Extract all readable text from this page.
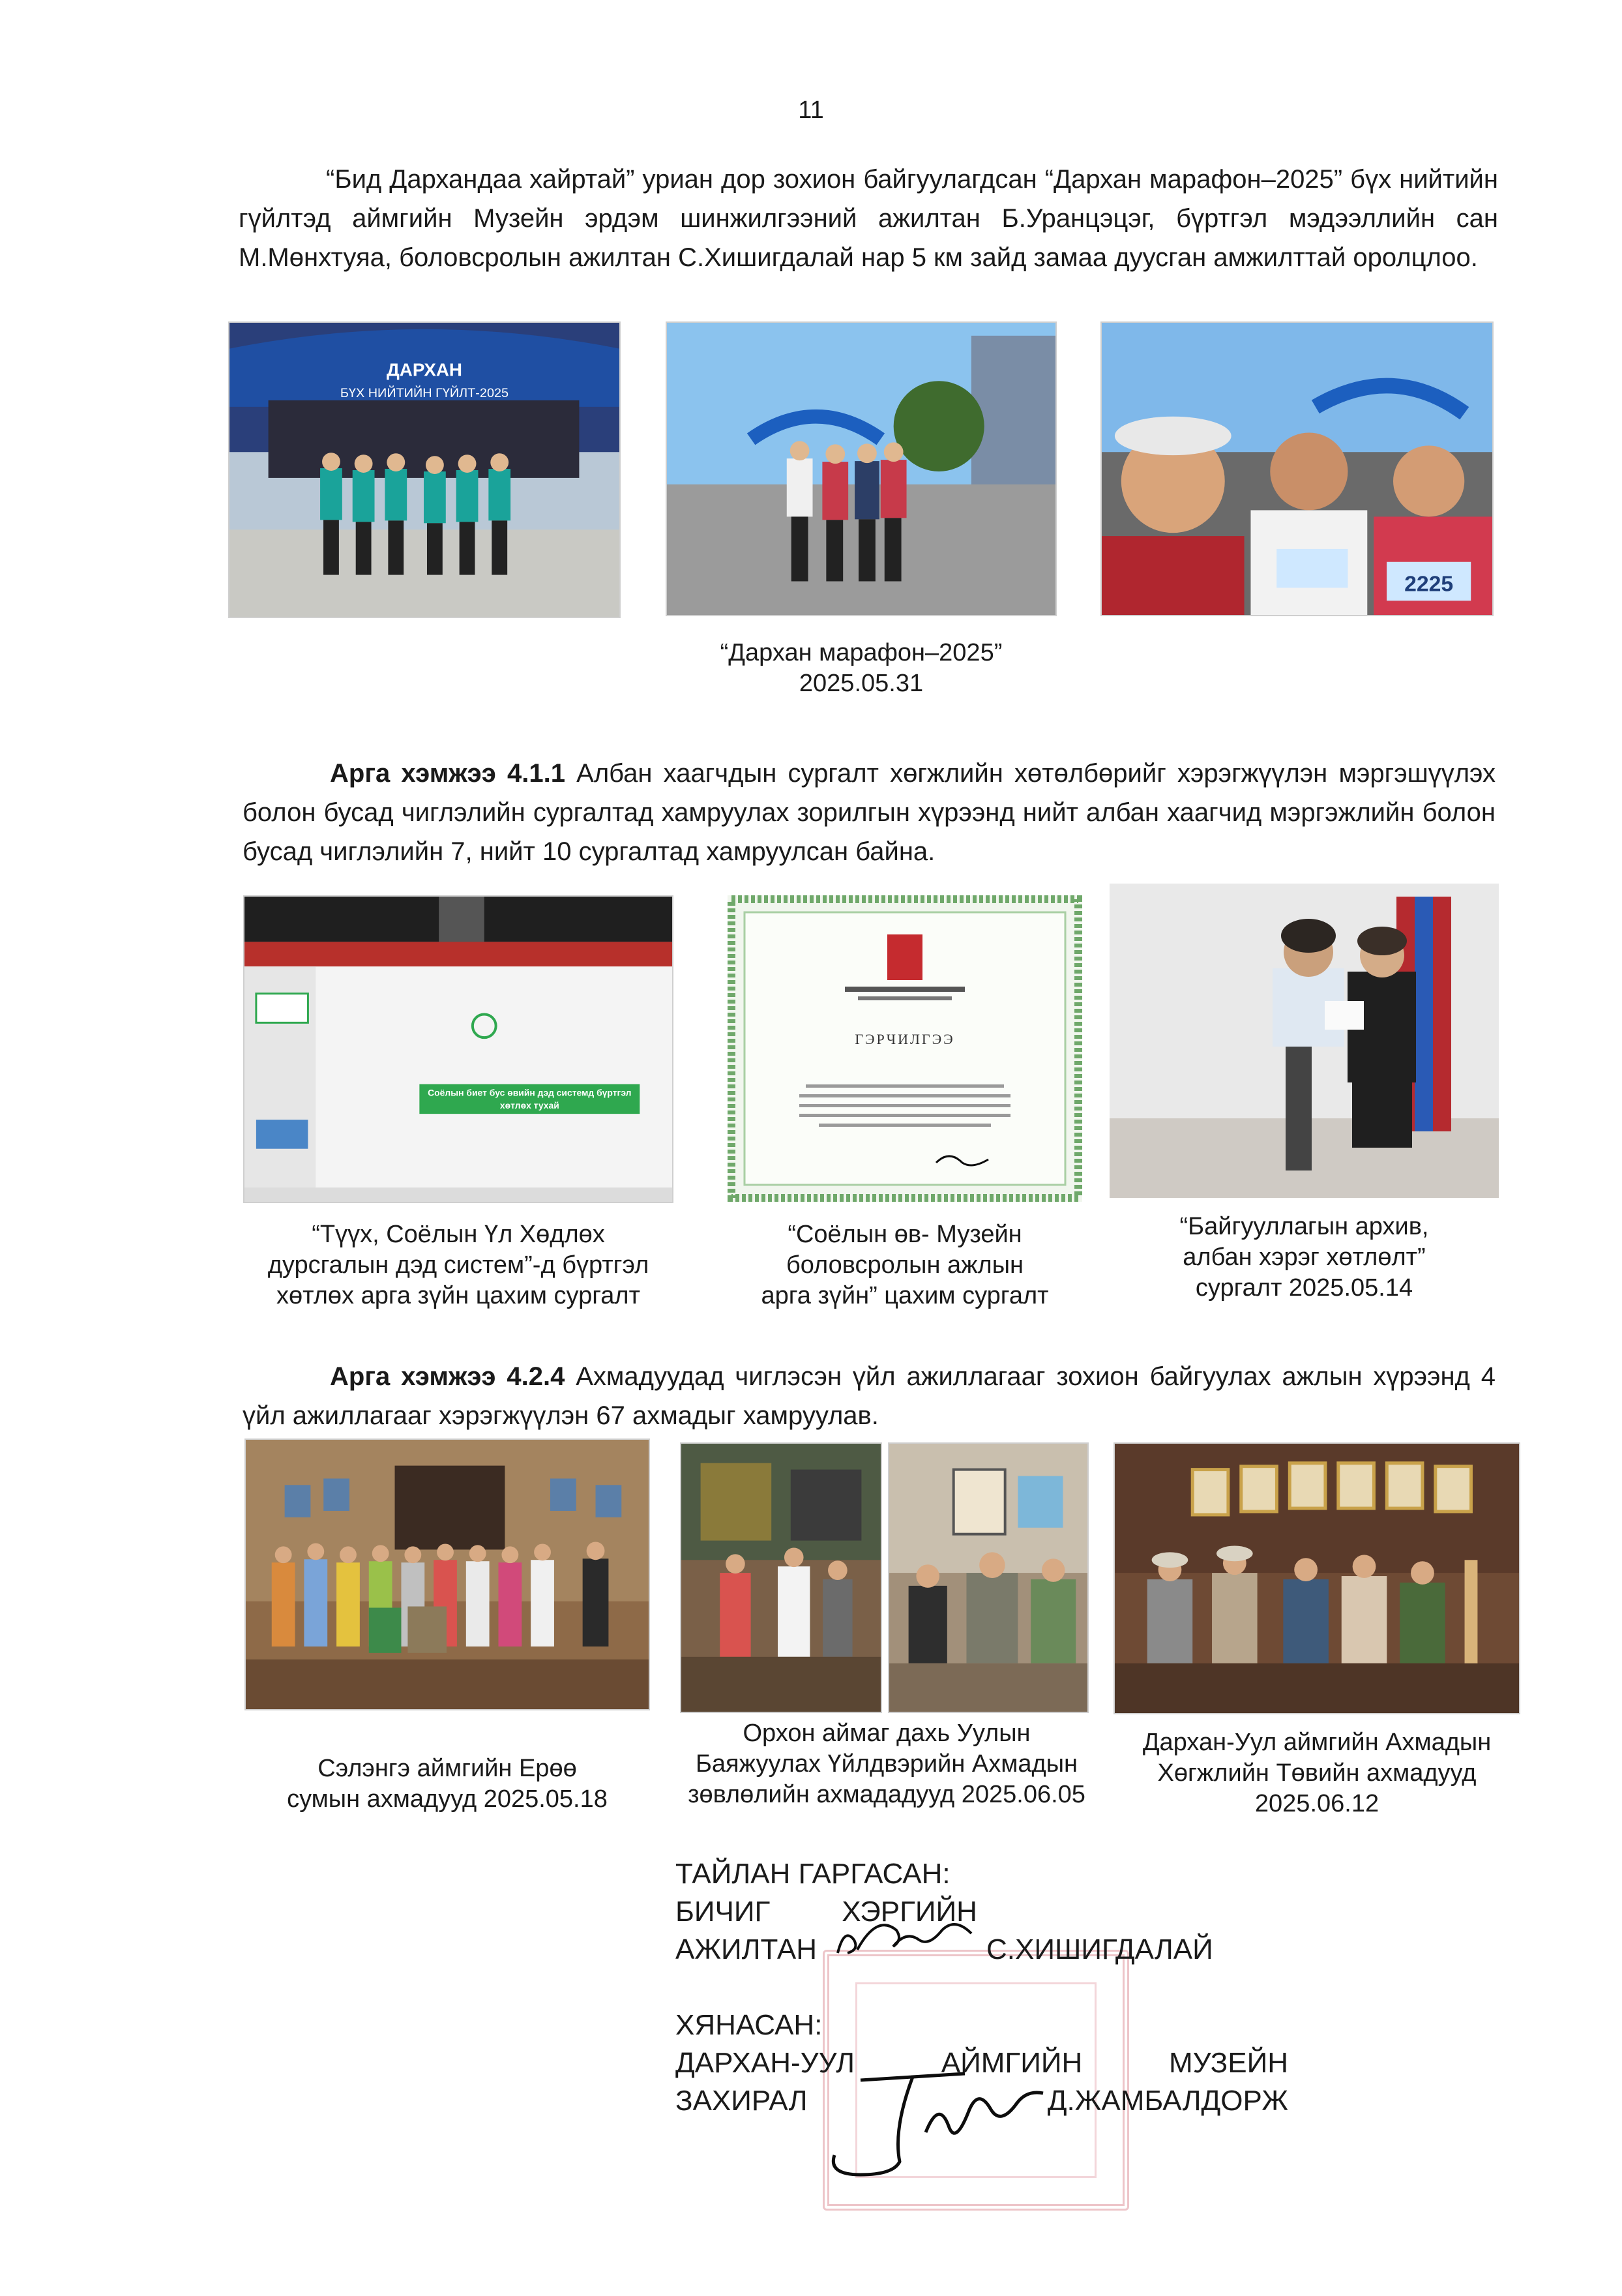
11

“Бид Дархандаа хайртай” уриан дор зохион байгуулагдсан “Дархан марафон–2025” бүх нийтийн гүйлтэд аймгийн Музейн эрдэм шинжилгээний ажилтан Б.Уранцэцэг, бүртгэл мэдээллийн сан М.Мөнхтуяа, боловсролын ажилтан С.Хишигдалай нар 5 км зайд замаа дуусган амжилттай оролцлоо.

ДАРХАН
БҮХ НИЙТИЙН ГҮЙЛТ-2025
2225
“Дархан марафон–2025”
2025.05.31

Арга хэмжээ 4.1.1 Албан хаагчдын сургалт хөгжлийн хөтөлбөрийг хэрэгжүүлэн мэргэшүүлэх болон бусад чиглэлийн сургалтад хамруулах зорилгын хүрээнд нийт албан хаагчид мэргэжлийн болон бусад чиглэлийн 7, нийт 10 сургалтад хамруулсан байна.

Соёлын биет бус өвийн дэд системд бүртгэл хөтлөх тухай
ГЭРЧИЛГЭЭ
“Түүх, Соёлын Үл Хөдлөх
дурсгалын дэд систем”-д бүртгэл
хөтлөх арга зүйн цахим сургалт
“Соёлын өв- Музейн
боловсролын ажлын
арга зүйн” цахим сургалт
“Байгууллагын архив,
албан хэрэг хөтлөлт”
сургалт 2025.05.14

Арга хэмжээ 4.2.4 Ахмадуудад чиглэсэн үйл ажиллагааг зохион байгуулах ажлын хүрээнд 4 үйл ажиллагааг хэрэгжүүлэн 67 ахмадыг хамруулав.

Сэлэнгэ аймгийн Ерөө
сумын ахмадууд 2025.05.18
Орхон аймаг дахь Уулын
Баяжуулах Үйлдвэрийн Ахмадын
зөвлөлийн ахмададууд 2025.06.05
Дархан-Уул аймгийн Ахмадын
Хөгжлийн Төвийн ахмадууд
2025.06.12
ТАЙЛАН ГАРГАСАН:
БИЧИГ	ХЭРГИЙН
АЖИЛТАН	С.ХИШИГДАЛАЙ
ХЯНАСАН:
ДАРХАН-УУЛ	АЙМГИЙН	МУЗЕЙН
ЗАХИРАЛ	Д.ЖАМБАЛДОРЖ
